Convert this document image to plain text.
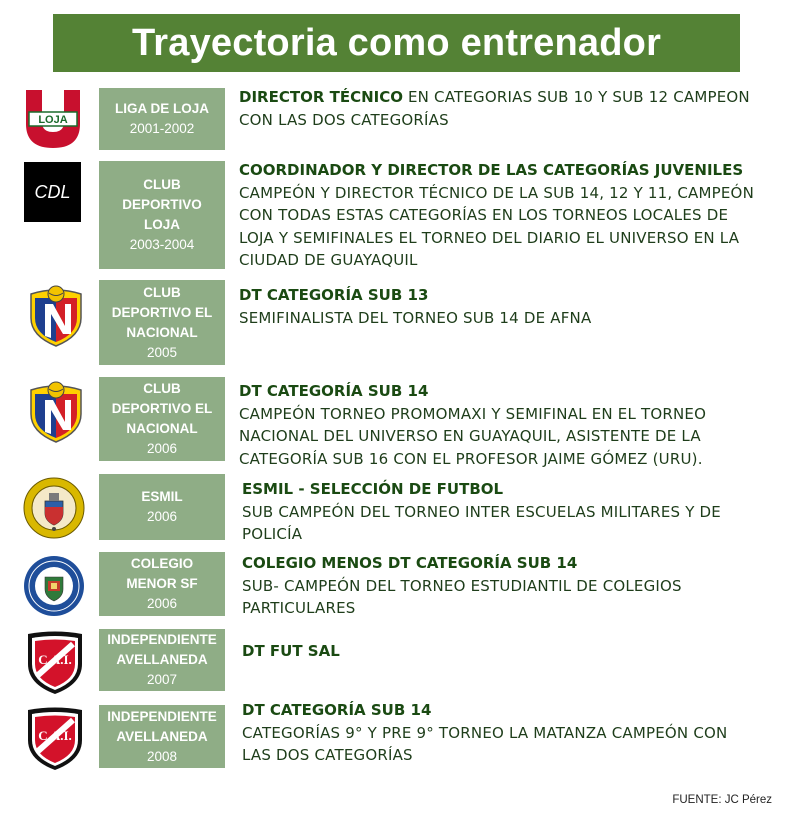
Trayectoria como entrenador
LOJA
LIGA DE LOJA
2001-2002
DIRECTOR TÉCNICO EN CATEGORIAS SUB 10 Y SUB 12 CAMPEON
CON LAS DOS CATEGORÍAS
CDL	CLUB
DEPORTIVO
LOJA
2003-2004
COORDINADOR Y DIRECTOR DE LAS CATEGORÍAS JUVENILES
CAMPEÓN Y DIRECTOR TÉCNICO DE LA SUB 14, 12 Y 11, CAMPEÓN
CON TODAS ESTAS CATEGORÍAS EN LOS TORNEOS LOCALES DE
LOJA Y SEMIFINALES EL TORNEO DEL DIARIO EL UNIVERSO EN LA
CIUDAD DE GUAYAQUIL
CLUB
DEPORTIVO EL
NACIONAL
2005
DT CATEGORÍA SUB 13
SEMIFINALISTA DEL TORNEO SUB 14 DE AFNA
CLUB
DEPORTIVO EL
NACIONAL
2006
DT CATEGORÍA SUB 14
CAMPEÓN TORNEO PROMOMAXI Y SEMIFINAL EN EL TORNEO
NACIONAL DEL UNIVERSO EN GUAYAQUIL, ASISTENTE DE LA
CATEGORÍA SUB 16 CON EL PROFESOR JAIME GÓMEZ (URU).
ESMIL
2006
ESMIL - SELECCIÓN DE FUTBOL
SUB CAMPEÓN DEL TORNEO INTER ESCUELAS MILITARES Y DE
POLICÍA
COLEGIO
MENOR SF
2006
COLEGIO MENOS DT CATEGORÍA SUB 14
SUB- CAMPEÓN DEL TORNEO ESTUDIANTIL DE COLEGIOS
PARTICULARES
C.A.I.
INDEPENDIENTE
AVELLANEDA
2007
DT FUT SAL
C.A.I.
INDEPENDIENTE
AVELLANEDA
2008
DT CATEGORÍA SUB 14
CATEGORÍAS 9° Y PRE 9° TORNEO LA MATANZA CAMPEÓN CON
LAS DOS CATEGORÍAS
FUENTE: JC Pérez
